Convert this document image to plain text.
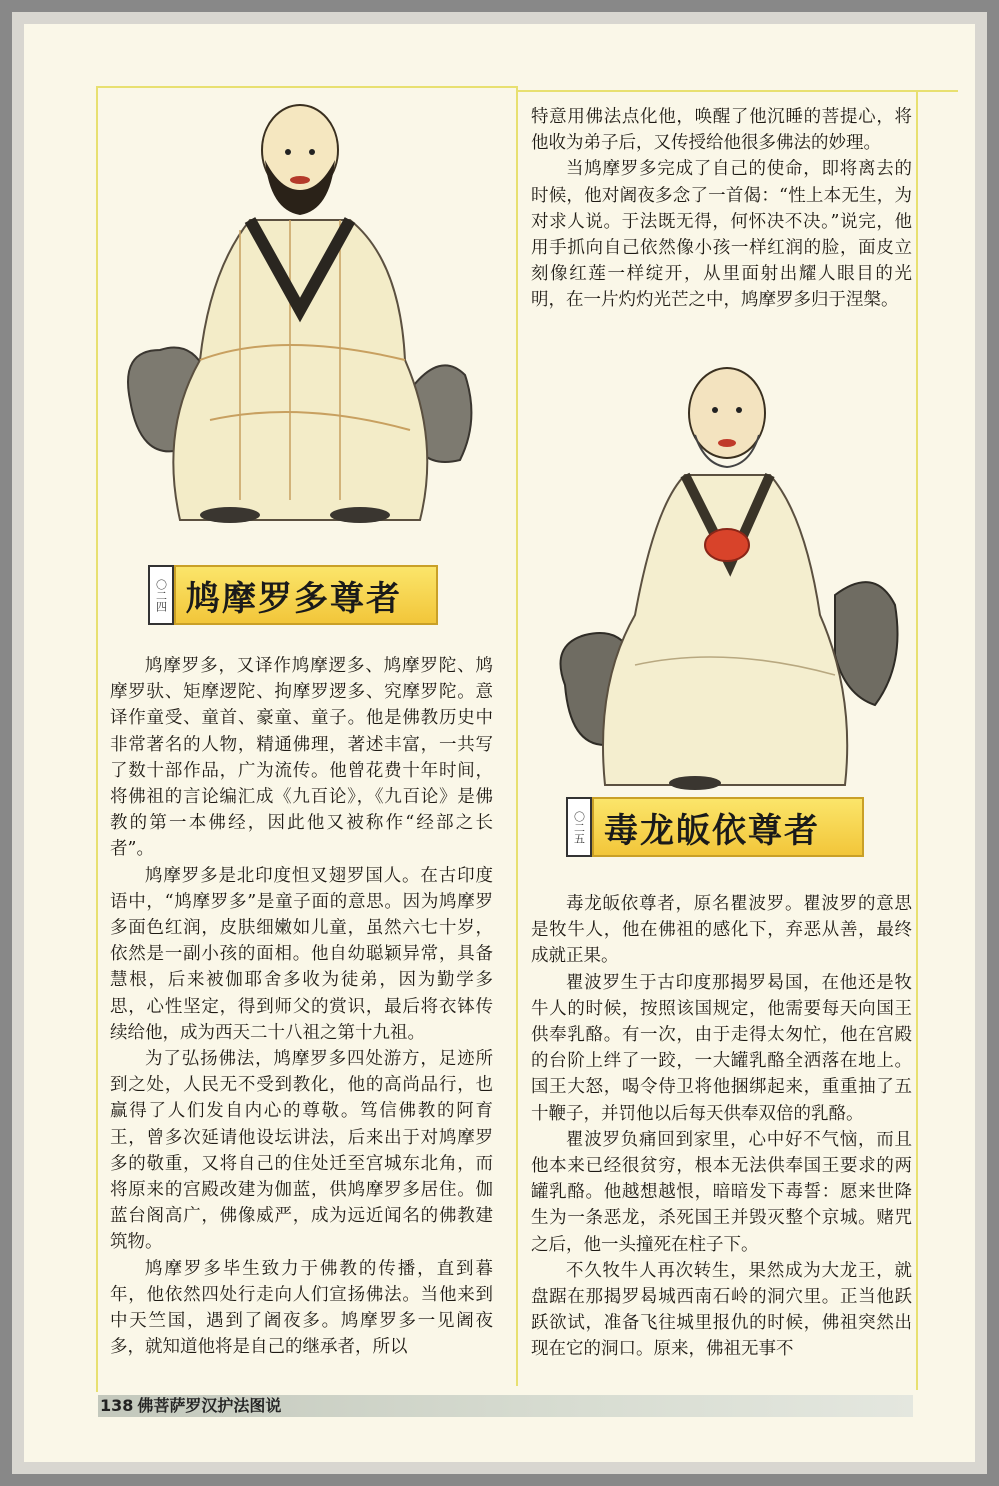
〇二四 鸠摩罗多尊者

鸠摩罗多，又译作鸠摩逻多、鸠摩罗陀、鸠摩罗驮、矩摩逻陀、拘摩罗逻多、究摩罗陀。意译作童受、童首、豪童、童子。他是佛教历史中非常著名的人物，精通佛理，著述丰富，一共写了数十部作品，广为流传。他曾花费十年时间，将佛祖的言论编汇成《九百论》，《九百论》是佛教的第一本佛经，因此他又被称作“经部之长者”。

鸠摩罗多是北印度怛叉翅罗国人。在古印度语中，“鸠摩罗多”是童子面的意思。因为鸠摩罗多面色红润，皮肤细嫩如儿童，虽然六七十岁，依然是一副小孩的面相。他自幼聪颖异常，具备慧根，后来被伽耶舍多收为徒弟，因为勤学多思，心性坚定，得到师父的赏识，最后将衣钵传续给他，成为西天二十八祖之第十九祖。

为了弘扬佛法，鸠摩罗多四处游方，足迹所到之处，人民无不受到教化，他的高尚品行，也赢得了人们发自内心的尊敬。笃信佛教的阿育王，曾多次延请他设坛讲法，后来出于对鸠摩罗多的敬重，又将自己的住处迁至宫城东北角，而将原来的宫殿改建为伽蓝，供鸠摩罗多居住。伽蓝台阁高广，佛像威严，成为远近闻名的佛教建筑物。

鸠摩罗多毕生致力于佛教的传播，直到暮年，他依然四处行走向人们宣扬佛法。当他来到中天竺国，遇到了阇夜多。鸠摩罗多一见阇夜多，就知道他将是自己的继承者，所以

特意用佛法点化他，唤醒了他沉睡的菩提心，将他收为弟子后，又传授给他很多佛法的妙理。

当鸠摩罗多完成了自己的使命，即将离去的时候，他对阇夜多念了一首偈：“性上本无生，为对求人说。于法既无得，何怀决不决。”说完，他用手抓向自己依然像小孩一样红润的脸，面皮立刻像红莲一样绽开，从里面射出耀人眼目的光明，在一片灼灼光芒之中，鸠摩罗多归于涅槃。

〇二五 毒龙皈依尊者

毒龙皈依尊者，原名瞿波罗。瞿波罗的意思是牧牛人，他在佛祖的感化下，弃恶从善，最终成就正果。

瞿波罗生于古印度那揭罗曷国，在他还是牧牛人的时候，按照该国规定，他需要每天向国王供奉乳酪。有一次，由于走得太匆忙，他在宫殿的台阶上绊了一跤，一大罐乳酪全洒落在地上。国王大怒，喝令侍卫将他捆绑起来，重重抽了五十鞭子，并罚他以后每天供奉双倍的乳酪。

瞿波罗负痛回到家里，心中好不气恼，而且他本来已经很贫穷，根本无法供奉国王要求的两罐乳酪。他越想越恨，暗暗发下毒誓：愿来世降生为一条恶龙，杀死国王并毁灭整个京城。赌咒之后，他一头撞死在柱子下。

不久牧牛人再次转生，果然成为大龙王，就盘踞在那揭罗曷城西南石岭的洞穴里。正当他跃跃欲试，准备飞往城里报仇的时候，佛祖突然出现在它的洞口。原来，佛祖无事不

138 佛菩萨罗汉护法图说
